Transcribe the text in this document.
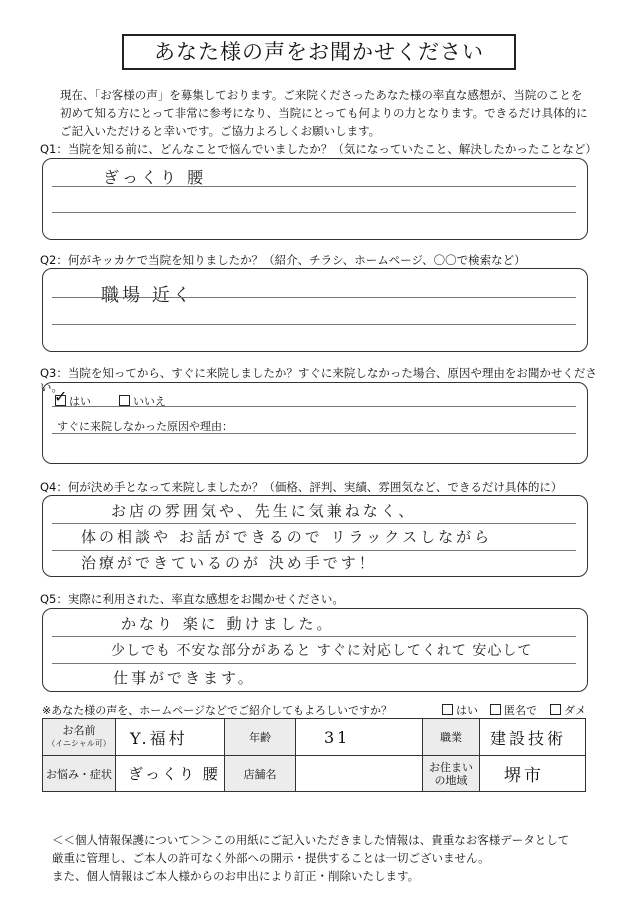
あなた様の声をお聞かせください
現在、「お客様の声」を募集しております。ご来院くださったあなた様の率直な感想が、当院のことを
初めて知る方にとって非常に参考になり、当院にとっても何よりの力となります。できるだけ具体的に
ご記入いただけると幸いです。ご協力よろしくお願いします。
Q1：当院を知る前に、どんなことで悩んでいましたか？（気になっていたこと、解決したかったことなど）
ぎっくり 腰
Q2：何がキッカケで当院を知りましたか？（紹介、チラシ、ホームページ、〇〇で検索など）
職場 近く
Q3：当院を知ってから、すぐに来院しましたか？すぐに来院しなかった場合、原因や理由をお聞かせください。
✓はい	いいえ
すぐに来院しなかった原因や理由：
Q4：何が決め手となって来院しましたか？（価格、評判、実績、雰囲気など、できるだけ具体的に）
お店の雰囲気や、先生に気兼ねなく、
体の相談や お話ができるので リラックスしながら
治療ができているのが 決め手です！
Q5：実際に利用された、率直な感想をお聞かせください。
かなり 楽に 動けました。
少しでも 不安な部分があると すぐに対応してくれて 安心して
仕事ができます。
※あなた様の声を、ホームページなどでご紹介してもよろしいですか？	はい	匿名で	ダメ
お名前
（イニシャル可）	Y.福村	年齢	31	職業	建設技術
お悩み・症状	ぎっくり 腰	店舗名		お住まい
の地域	堺市
＜＜個人情報保護について＞＞この用紙にご記入いただきました情報は、貴重なお客様データとして
厳重に管理し、ご本人の許可なく外部への開示・提供することは一切ございません。
また、個人情報はご本人様からのお申出により訂正・削除いたします。
